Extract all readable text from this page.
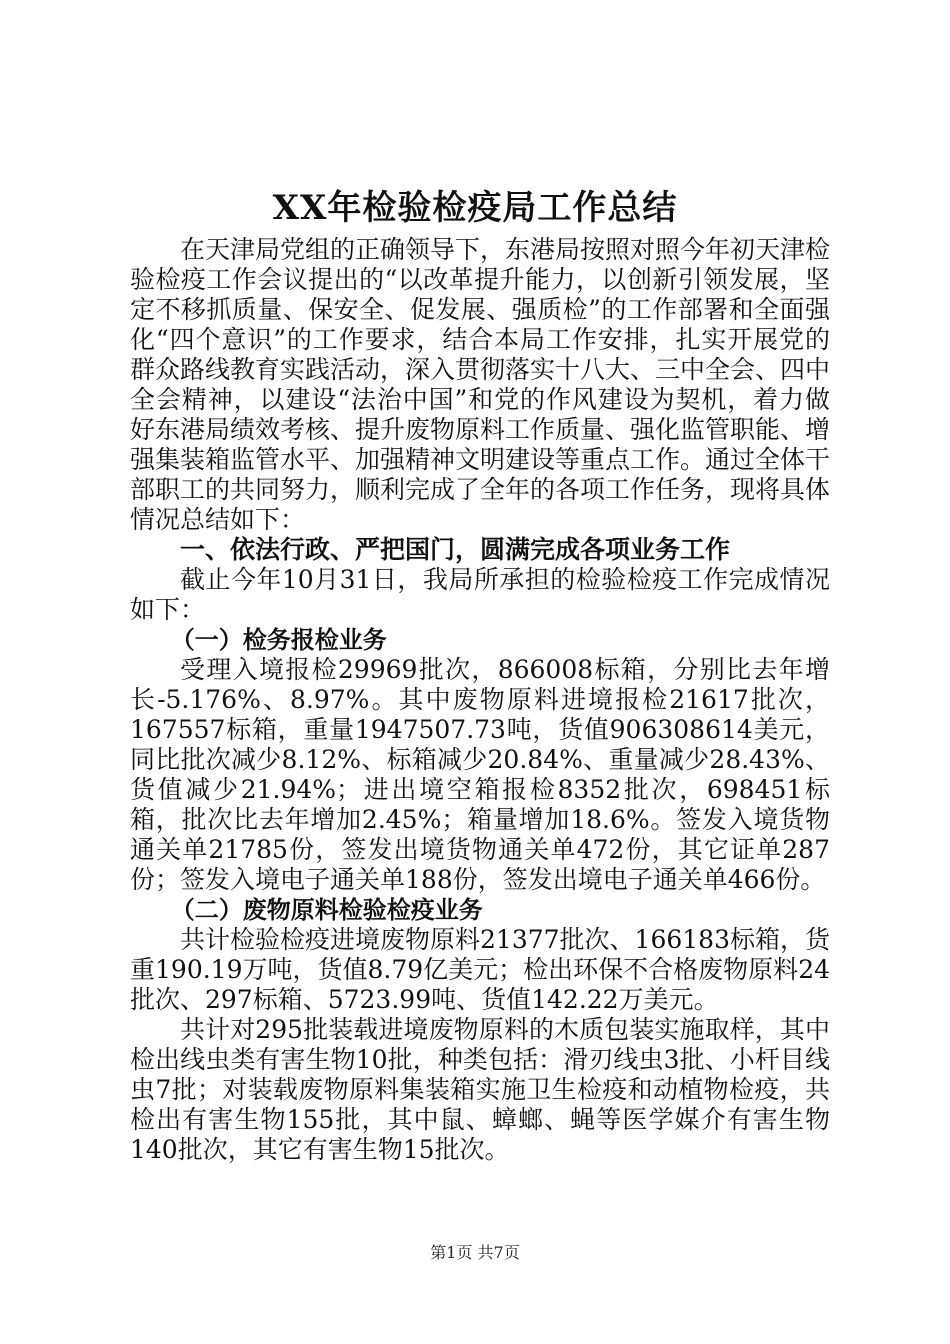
XX年检验检疫局工作总结

在天津局党组的正确领导下，东港局按照对照今年初天津检验检疫工作会议提出的“以改革提升能力，以创新引领发展，坚定不移抓质量、保安全、促发展、强质检”的工作部署和全面强化“四个意识”的工作要求，结合本局工作安排，扎实开展党的群众路线教育实践活动，深入贯彻落实十八大、三中全会、四中全会精神，以建设“法治中国”和党的作风建设为契机，着力做好东港局绩效考核、提升废物原料工作质量、强化监管职能、增强集装箱监管水平、加强精神文明建设等重点工作。通过全体干部职工的共同努力，顺利完成了全年的各项工作任务，现将具体情况总结如下：

一、依法行政、严把国门，圆满完成各项业务工作

截止今年10月31日，我局所承担的检验检疫工作完成情况如下：

（一）检务报检业务

受理入境报检29969批次，866008标箱，分别比去年增长-5.176%、8.97%。其中废物原料进境报检21617批次，167557标箱，重量1947507.73吨，货值906308614美元，同比批次减少8.12%、标箱减少20.84%、重量减少28.43%、货值减少21.94%；进出境空箱报检8352批次，698451标箱，批次比去年增加2.45%；箱量增加18.6%。签发入境货物通关单21785份，签发出境货物通关单472份，其它证单287份；签发入境电子通关单188份，签发出境电子通关单466份。

（二）废物原料检验检疫业务

共计检验检疫进境废物原料21377批次、166183标箱，货重190.19万吨，货值8.79亿美元；检出环保不合格废物原料24批次、297标箱、5723.99吨、货值142.22万美元。

共计对295批装载进境废物原料的木质包装实施取样，其中检出线虫类有害生物10批，种类包括：滑刃线虫3批、小杆目线虫7批；对装载废物原料集装箱实施卫生检疫和动植物检疫，共检出有害生物155批，其中鼠、蟑螂、蝇等医学媒介有害生物140批次，其它有害生物15批次。

第1页 共7页
